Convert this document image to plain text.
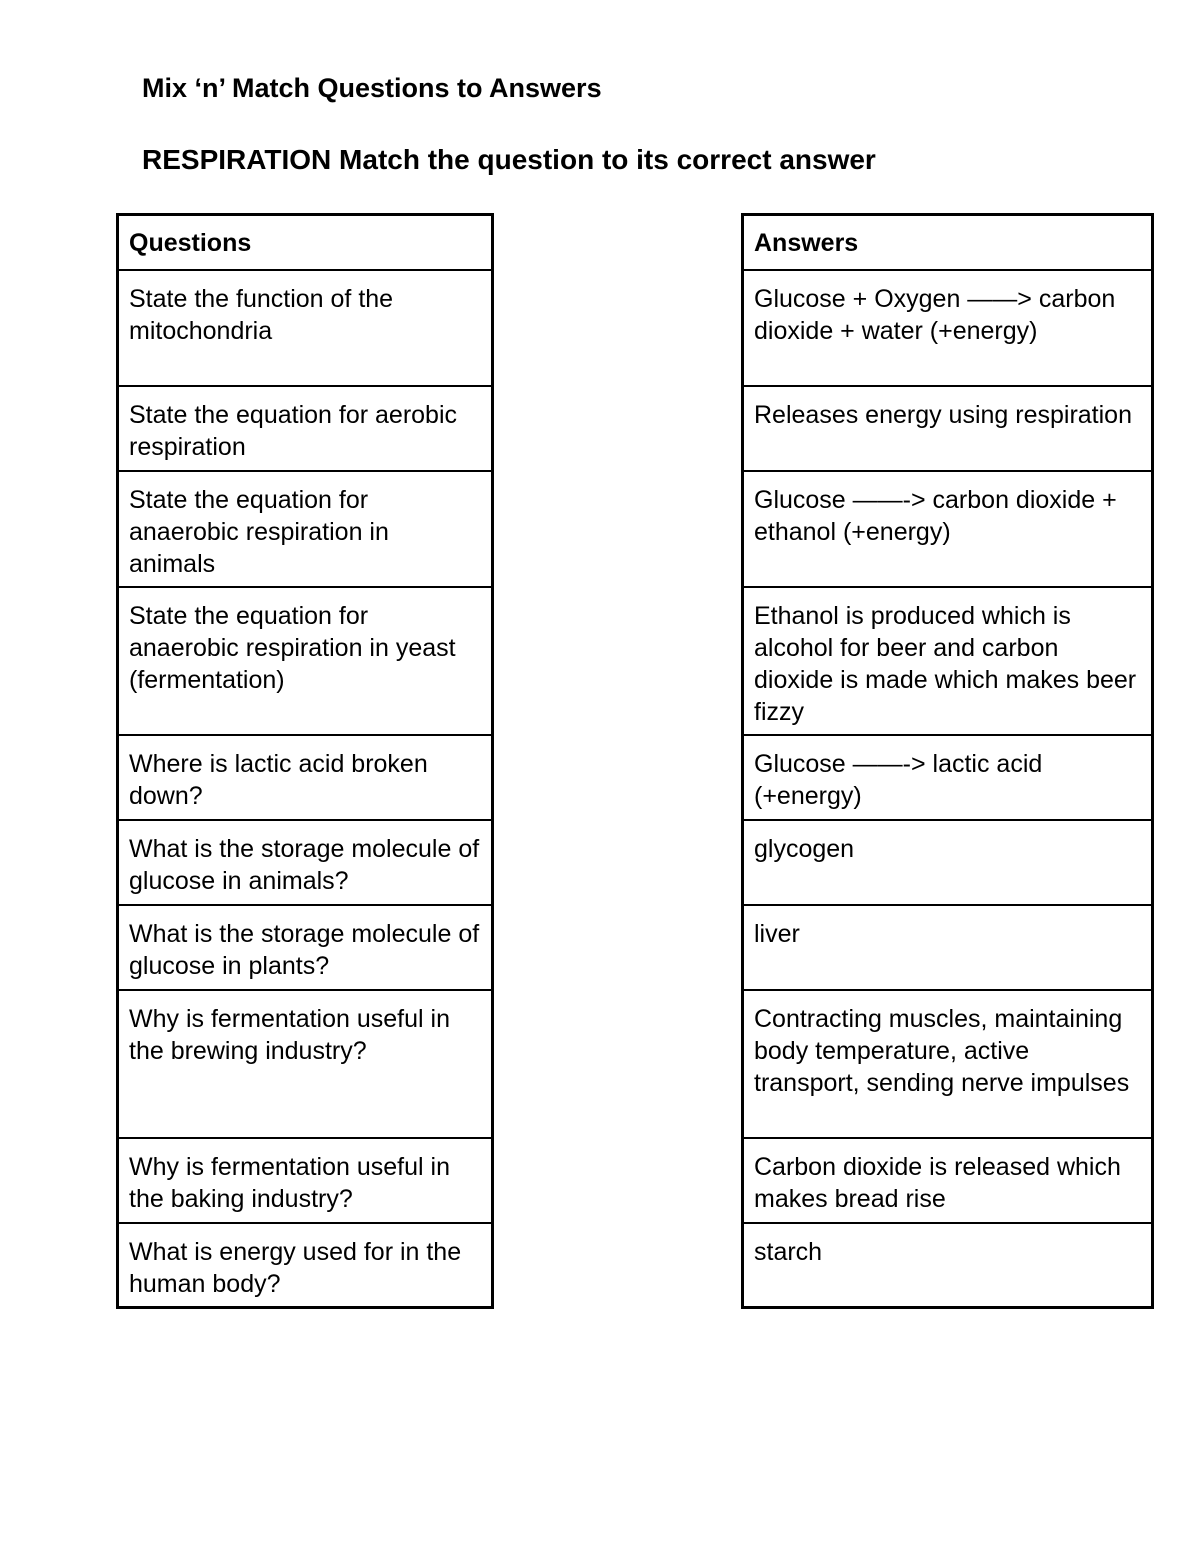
Mix ‘n’ Match Questions to Answers
RESPIRATION Match the question to its correct answer
Questions
State the function of the mitochondria
State the equation for aerobic respiration
State the equation for anaerobic respiration in animals
State the equation for anaerobic respiration in yeast (fermentation)
Where is lactic acid broken down?
What is the storage molecule of glucose in animals?
What is the storage molecule of glucose in plants?
Why is fermentation useful in the brewing industry?
Why is fermentation useful in the baking industry?
What is energy used for in the human body?
Answers
Glucose + Oxygen ——> carbon dioxide + water (+energy)
Releases energy using respiration
Glucose ——-> carbon dioxide + ethanol (+energy)
Ethanol is produced which is alcohol for beer and carbon dioxide is made which makes beer fizzy
Glucose ——-> lactic acid (+energy)
glycogen
liver
Contracting muscles, maintaining body temperature, active transport, sending nerve impulses
Carbon dioxide is released which makes bread rise
starch
